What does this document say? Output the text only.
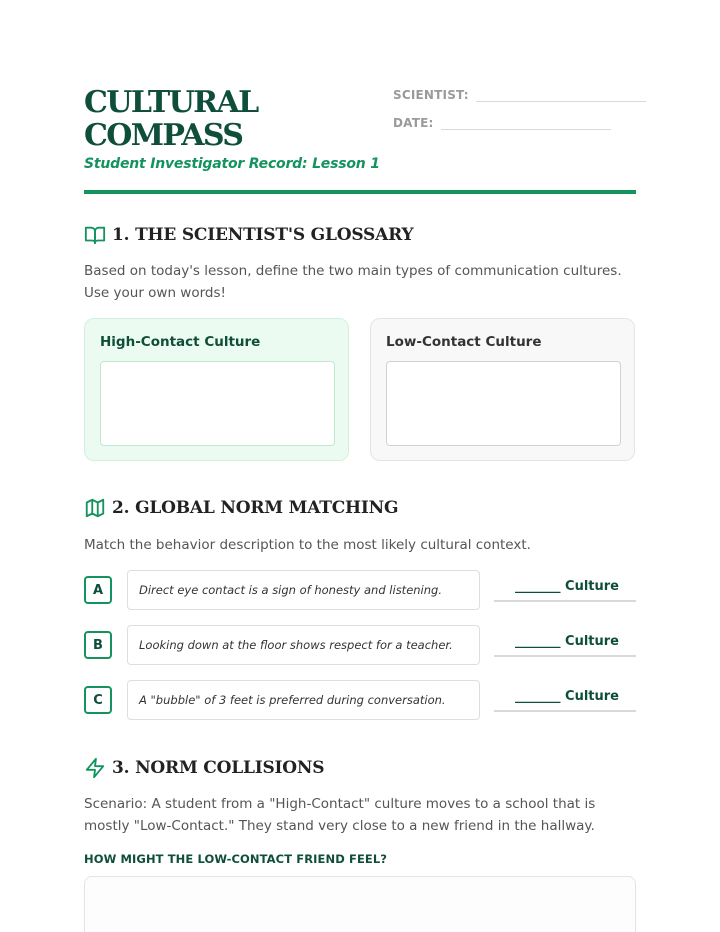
CULTURAL
COMPASS
Student Investigator Record: Lesson 1
SCIENTIST:
DATE:
1. THE SCIENTIST'S GLOSSARY
Based on today's lesson, define the two main types of communication cultures. Use your own words!
High-Contact Culture	Low-Contact Culture
2. GLOBAL NORM MATCHING
Match the behavior description to the most likely cultural context.
A	Direct eye contact is a sign of honesty and listening.	_______ Culture
B	Looking down at the floor shows respect for a teacher.	_______ Culture
C	A "bubble" of 3 feet is preferred during conversation.	_______ Culture
3. NORM COLLISIONS
Scenario: A student from a "High-Contact" culture moves to a school that is mostly "Low-Contact." They stand very close to a new friend in the hallway.
HOW MIGHT THE LOW-CONTACT FRIEND FEEL?
